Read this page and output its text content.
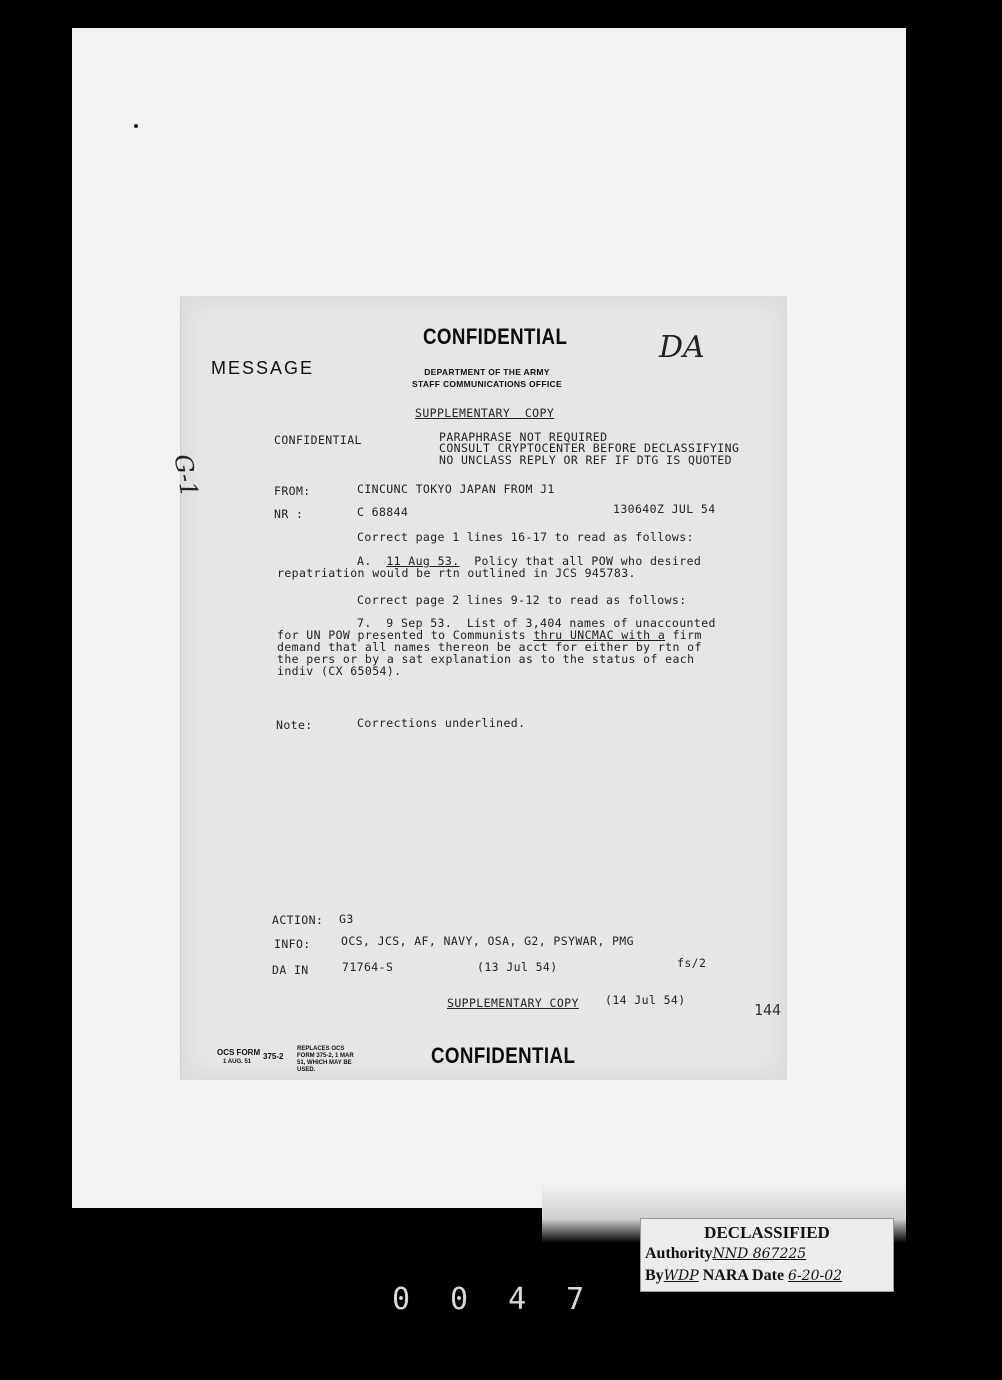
CONFIDENTIAL
MESSAGE	DEPARTMENT OF THE ARMY
STAFF COMMUNICATIONS OFFICE
DA
SUPPLEMENTARY  COPY
CONFIDENTIAL	PARAPHRASE NOT REQUIRED
CONSULT CRYPTOCENTER BEFORE DECLASSIFYING
NO UNCLASS REPLY OR REF IF DTG IS QUOTED
FROM:	CINCUNC TOKYO JAPAN FROM J1
NR :	C 68844	130640Z JUL 54
Correct page 1 lines 16-17 to read as follows:
A. 11 Aug 53. Policy that all POW who desired
repatriation would be rtn outlined in JCS 945783.
Correct page 2 lines 9-12 to read as follows:
7.  9 Sep 53.  List of 3,404 names of unaccounted
for UN POW presented to Communists thru UNCMAC with a firm
demand that all names thereon be acct for either by rtn of
the pers or by a sat explanation as to the status of each
indiv (CX 65054).
Note:	Corrections underlined.
ACTION: G3
INFO:	OCS, JCS, AF, NAVY, OSA, G2, PSYWAR, PMG
DA IN	71764-S	(13 Jul 54)	fs/2
SUPPLEMENTARY COPY (14 Jul 54)
144
OCS FORM
1 AUG. 51
375-2
REPLACES OCS FORM 375-2, 1 MAR 51, WHICH MAY BE USED.
CONFIDENTIAL
G-1
DECLASSIFIED
AuthorityNND 867225
ByWDP NARA Date 6-20-02
0047
